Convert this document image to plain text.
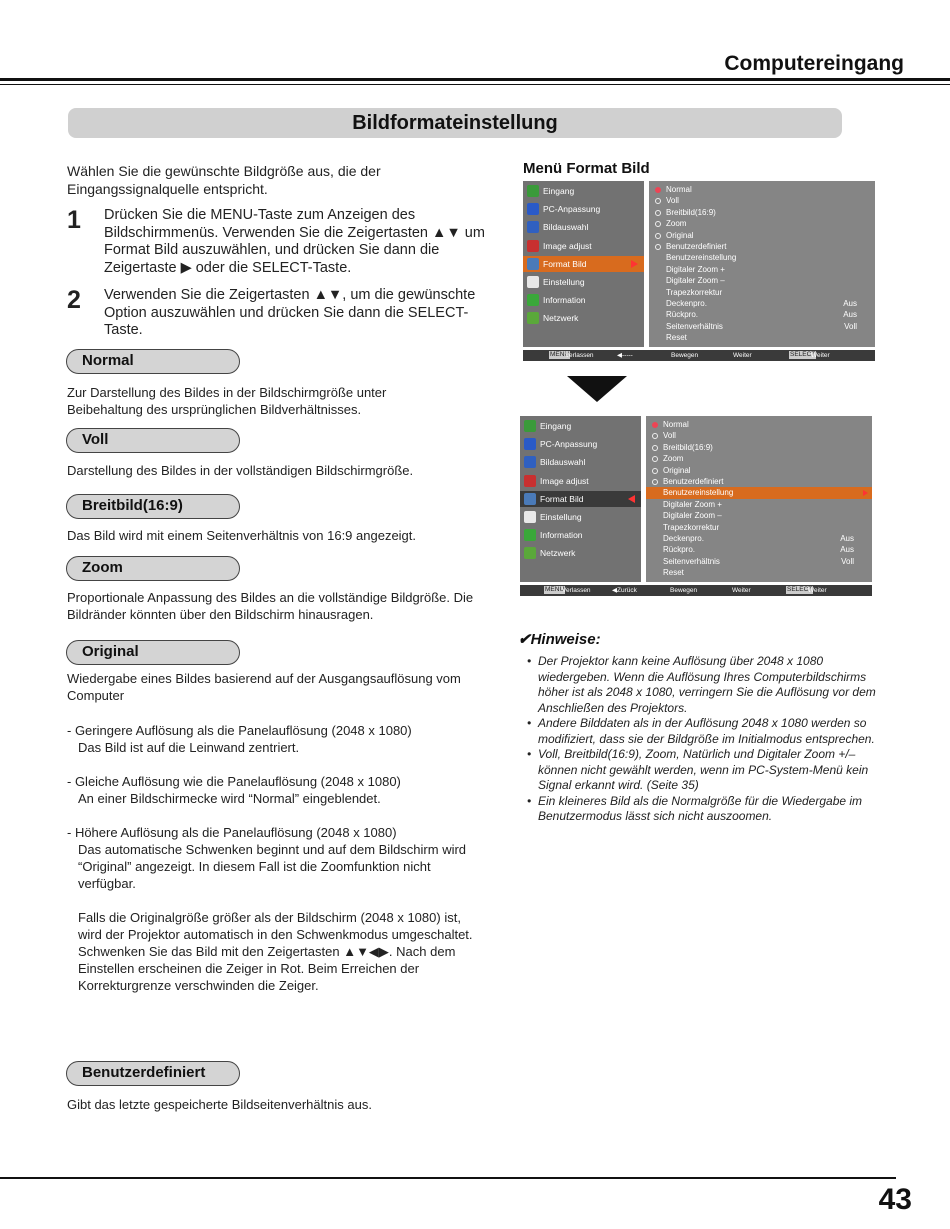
Computereingang
Bildformateinstellung
Wählen Sie die gewünschte Bildgröße aus, die der Eingangssignalquelle entspricht.
1 Drücken Sie die MENU-Taste zum Anzeigen des Bildschirmmenüs. Verwenden Sie die Zeigertasten ▲▼ um Format Bild auszuwählen, und drücken Sie dann die Zeigertaste ▶ oder die SELECT-Taste.
2 Verwenden Sie die Zeigertasten ▲▼, um die gewünschte Option auszuwählen und drücken Sie dann die SELECT-Taste.
Normal
Zur Darstellung des Bildes in der Bildschirmgröße unter Beibehaltung des ursprünglichen Bildverhältnisses.
Voll
Darstellung des Bildes in der vollständigen Bildschirmgröße.
Breitbild(16:9)
Das Bild wird mit einem Seitenverhältnis von 16:9 angezeigt.
Zoom
Proportionale Anpassung des Bildes an die vollständige Bildgröße. Die Bildränder könnten über den Bildschirm hinausragen.
Original
Wiedergabe eines Bildes basierend auf der Ausgangsauflösung vom Computer
- Geringere Auflösung als die Panelauflösung (2048 x 1080)
Das Bild ist auf die Leinwand zentriert.
- Gleiche Auflösung wie die Panelauflösung (2048 x 1080)
An einer Bildschirmecke wird “Normal” eingeblendet.
- Höhere Auflösung als die Panelauflösung (2048 x 1080)
Das automatische Schwenken beginnt und auf dem Bildschirm wird “Original” angezeigt. In diesem Fall ist die Zoomfunktion nicht verfügbar.
Falls die Originalgröße größer als der Bildschirm (2048 x 1080) ist, wird der Projektor automatisch in den Schwenkmodus umgeschaltet. Schwenken Sie das Bild mit den Zeigertasten ▲▼◀▶. Nach dem Einstellen erscheinen die Zeiger in Rot. Beim Erreichen der Korrekturgrenze verschwinden die Zeiger.
Benutzerdefiniert
Gibt das letzte gespeicherte Bildseitenverhältnis aus.
Menü Format Bild
Eingang
PC-Anpassung
Bildauswahl
Image adjust
Format Bild
Einstellung
Information
Netzwerk
Normal
Voll
Breitbild(16:9)
Zoom
Original
Benutzerdefiniert
Benutzereinstellung
Digitaler Zoom +
Digitaler Zoom –
Trapezkorrektur
Deckenpro.	Aus
Rückpro.	Aus
Seitenverhältnis	Voll
Reset
MENU
Verlassen	◀-----	Bewegen	Weiter	SELECT
Weiter
Eingang
PC-Anpassung
Bildauswahl
Image adjust
Format Bild
Einstellung
Information
Netzwerk
Normal
Voll
Breitbild(16:9)
Zoom
Original
Benutzerdefiniert
Benutzereinstellung
Digitaler Zoom +
Digitaler Zoom –
Trapezkorrektur
Deckenpro.	Aus
Rückpro.	Aus
Seitenverhältnis	Voll
Reset
MENU
Verlassen	◀Zurück	Bewegen	Weiter	SELECT
Weiter
✔Hinweise:
• Der Projektor kann keine Auflösung über 2048 x 1080 wiedergeben. Wenn die Auflösung Ihres Computerbildschirms höher ist als 2048 x 1080, verringern Sie die Auflösung vor dem Anschließen des Projektors.
• Andere Bilddaten als in der Auflösung 2048 x 1080 werden so modifiziert, dass sie der Bildgröße im Initialmodus entsprechen.
• Voll, Breitbild(16:9), Zoom, Natürlich und Digitaler Zoom +/– können nicht gewählt werden, wenn im PC-System-Menü kein Signal erkannt wird. (Seite 35)
• Ein kleineres Bild als die Normalgröße für die Wiedergabe im Benutzermodus lässt sich nicht auszoomen.
43
